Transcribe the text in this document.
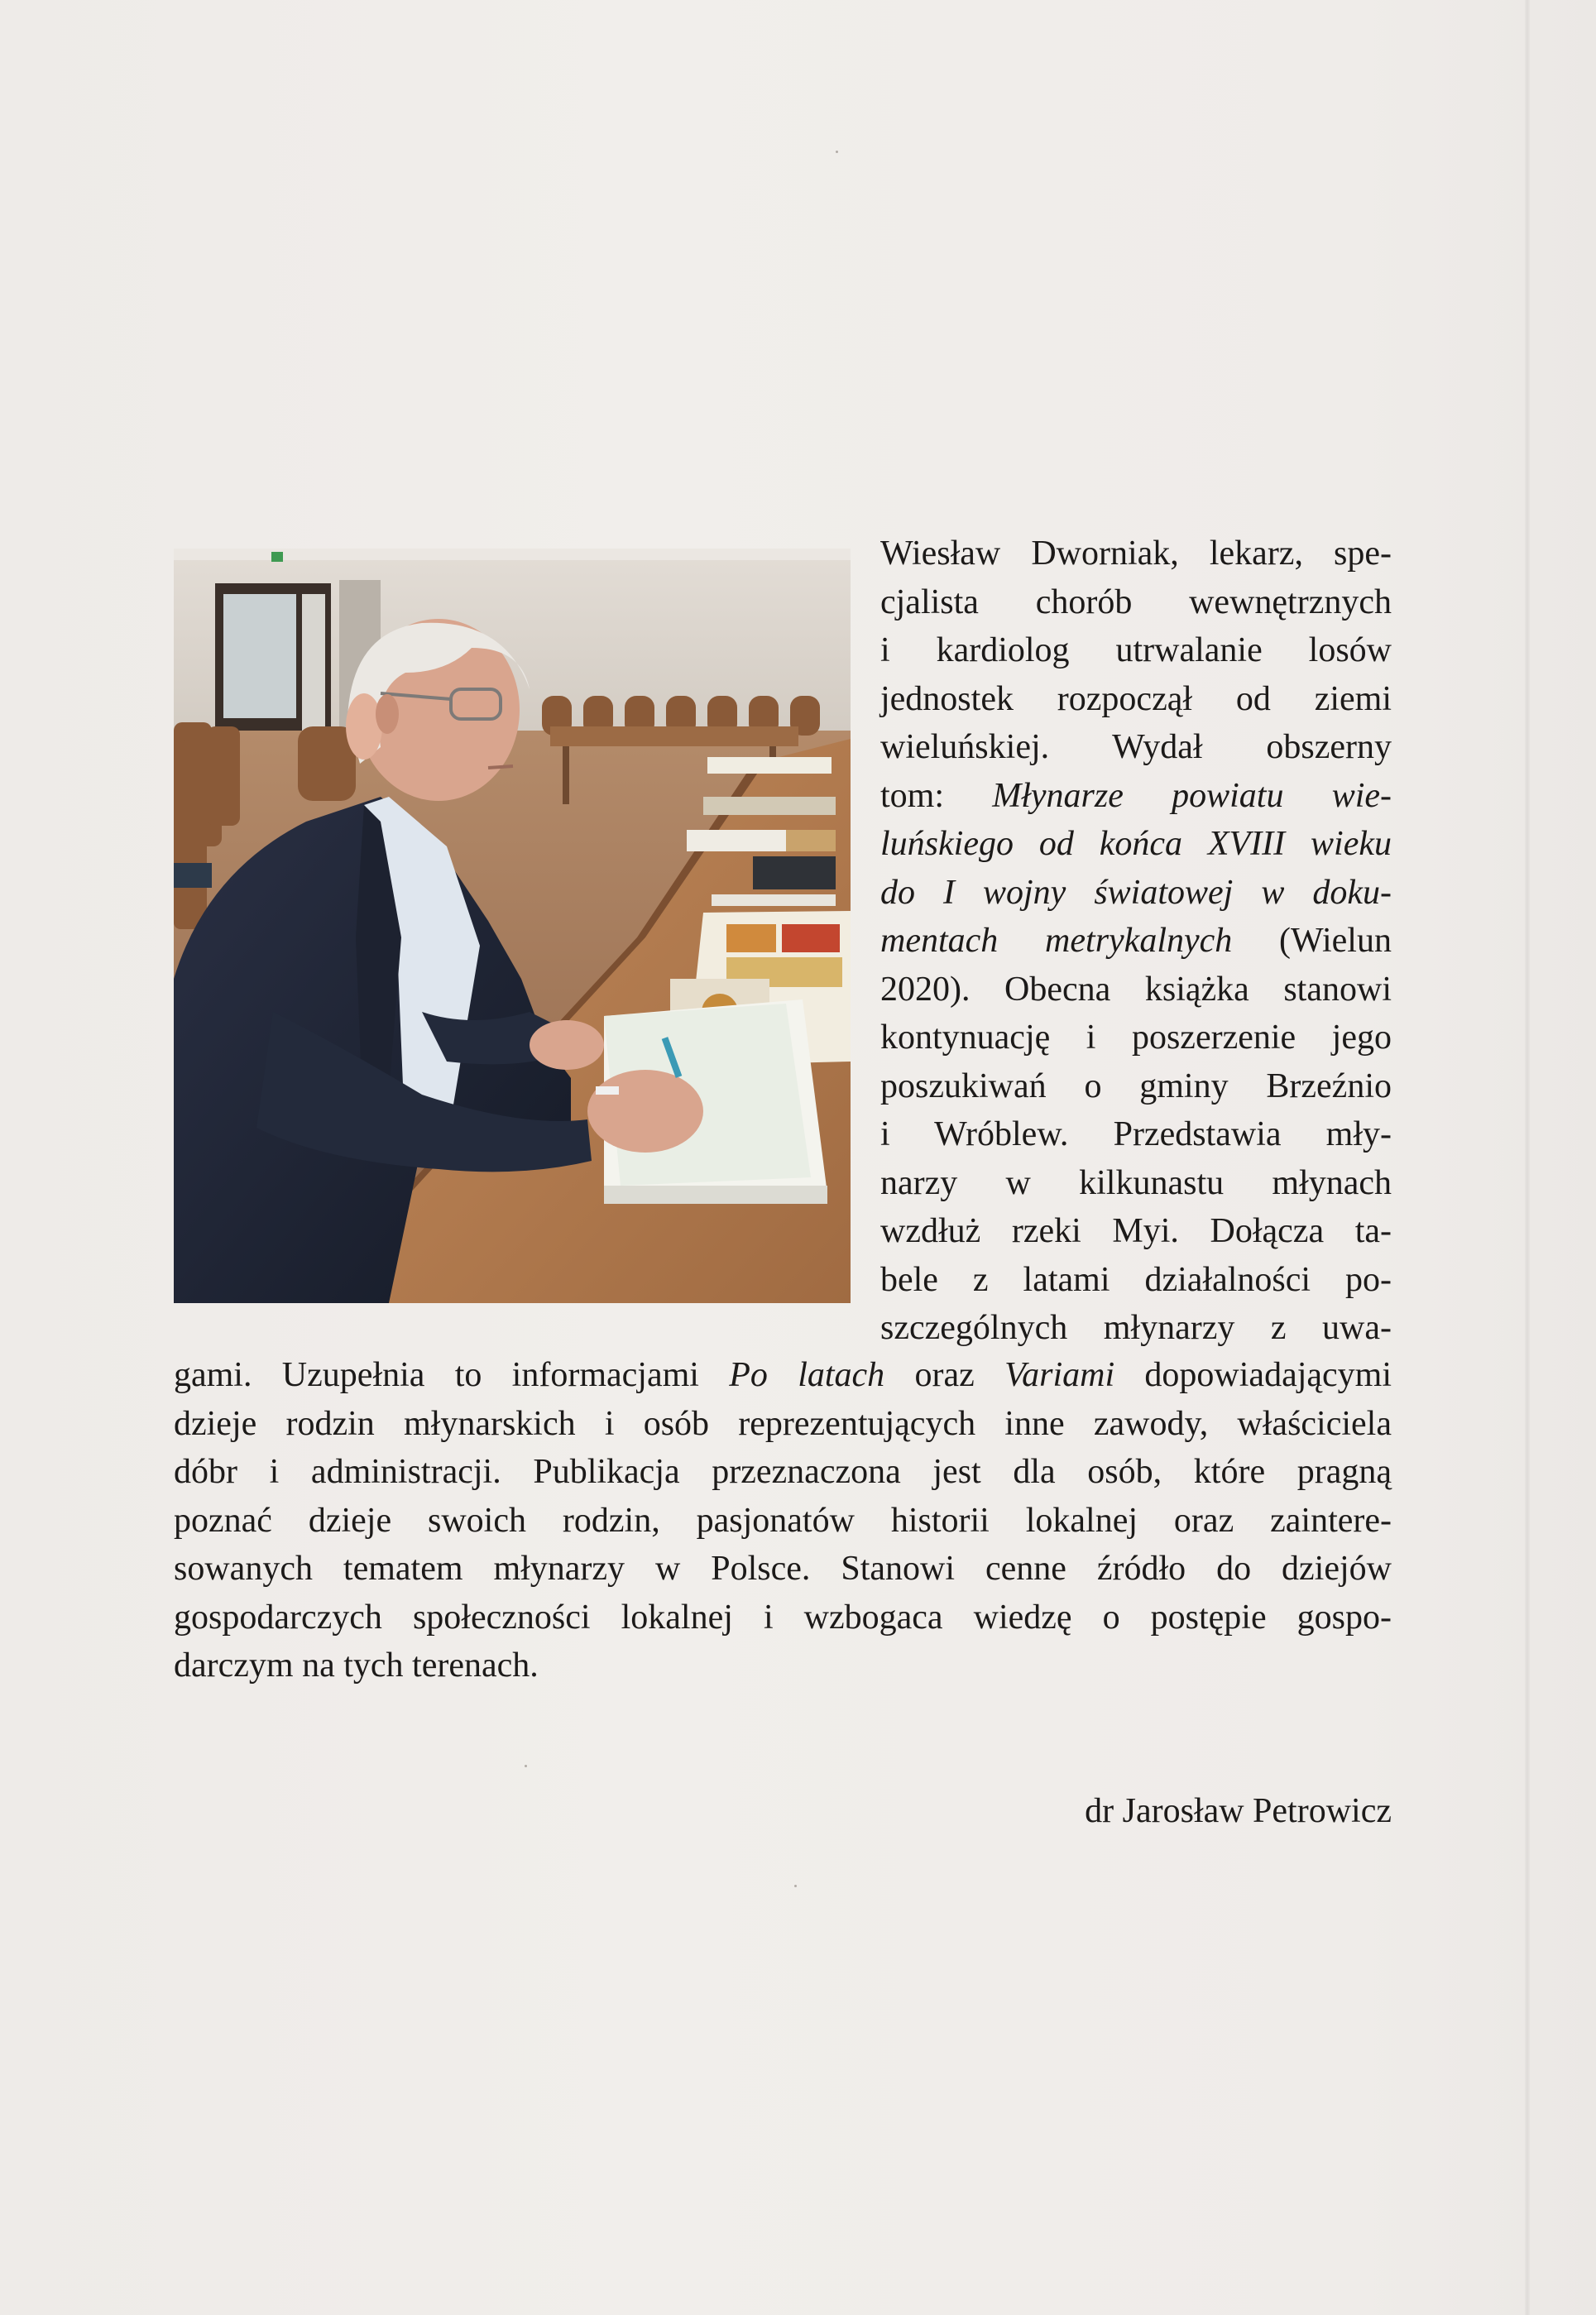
Wiesław Dworniak, lekarz, spe-
cjalista chorób wewnętrznych
i kardiolog utrwalanie losów
jednostek rozpoczął od ziemi
wieluńskiej. Wydał obszerny
tom: Młynarze powiatu wie-
luńskiego od końca XVIII wieku
do I wojny światowej w doku-
mentach metrykalnych (Wielun
2020). Obecna książka stanowi
kontynuację i poszerzenie jego
poszukiwań o gminy Brzeźnio
i Wróblew. Przedstawia mły-
narzy w kilkunastu młynach
wzdłuż rzeki Myi. Dołącza ta-
bele z latami działalności po-
szczególnych młynarzy z uwa-
gami. Uzupełnia to informacjami Po latach oraz Variami dopowiadającymi
dzieje rodzin młynarskich i osób reprezentujących inne zawody, właściciela
dóbr i administracji. Publikacja przeznaczona jest dla osób, które pragną
poznać dzieje swoich rodzin, pasjonatów historii lokalnej oraz zaintere-
sowanych tematem młynarzy w Polsce. Stanowi cenne źródło do dziejów
gospodarczych społeczności lokalnej i wzbogaca wiedzę o postępie gospo-
darczym na tych terenach.
dr Jarosław Petrowicz
